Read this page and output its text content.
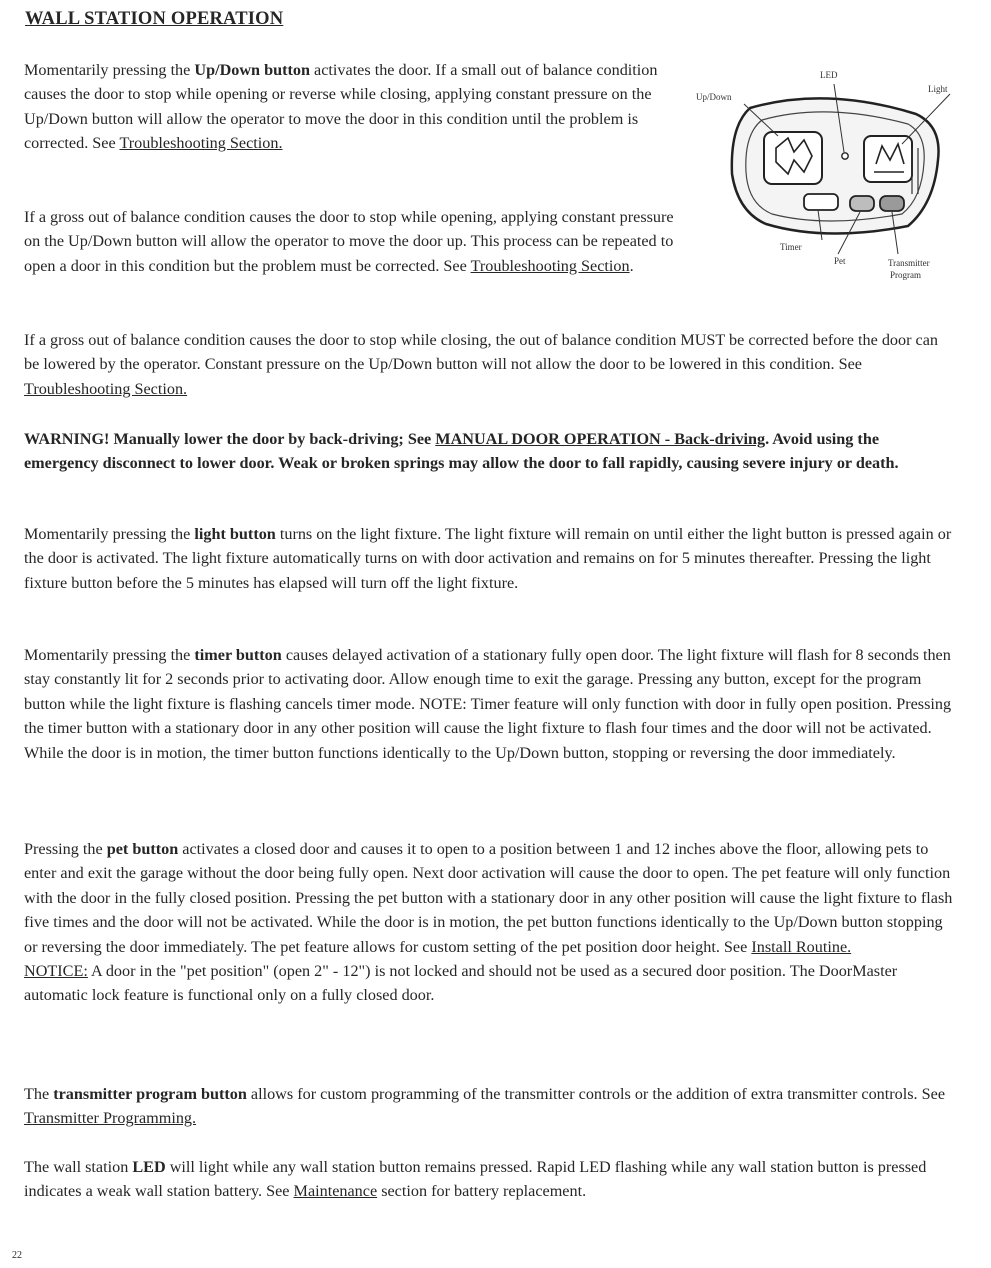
WALL STATION OPERATION

Momentarily pressing the Up/Down button activates the door. If a small out of balance condition causes the door to stop while opening or reverse while closing, applying constant pressure on the Up/Down button will allow the operator to move the door in this condition until the problem is corrected. See Troubleshooting Section.

If a gross out of balance condition causes the door to stop while opening, applying constant pressure on the Up/Down button will allow the operator to move the door up. This process can be repeated to open a door in this condition but the problem must be corrected. See Troubleshooting Section.

If a gross out of balance condition causes the door to stop while closing, the out of balance condition MUST be corrected before the door can be lowered by the operator. Constant pressure on the Up/Down button will not allow the door to be lowered in this condition. See Troubleshooting Section.

WARNING! Manually lower the door by back-driving; See MANUAL DOOR OPERATION - Back-driving. Avoid using the emergency disconnect to lower door. Weak or broken springs may allow the door to fall rapidly, causing severe injury or death.

Momentarily pressing the light button turns on the light fixture. The light fixture will remain on until either the light button is pressed again or the door is activated. The light fixture automatically turns on with door activation and remains on for 5 minutes thereafter. Pressing the light fixture button before the 5 minutes has elapsed will turn off the light fixture.

Momentarily pressing the timer button causes delayed activation of a stationary fully open door. The light fixture will flash for 8 seconds then stay constantly lit for 2 seconds prior to activating door. Allow enough time to exit the garage. Pressing any button, except for the program button while the light fixture is flashing cancels timer mode. NOTE: Timer feature will only function with door in fully open position. Pressing the timer button with a stationary door in any other position will cause the light fixture to flash four times and the door will not be activated. While the door is in motion, the timer button functions identically to the Up/Down button, stopping or reversing the door immediately.

Pressing the pet button activates a closed door and causes it to open to a position between 1 and 12 inches above the floor, allowing pets to enter and exit the garage without the door being fully open. Next door activation will cause the door to open. The pet feature will only function with the door in the fully closed position. Pressing the pet button with a stationary door in any other position will cause the light fixture to flash five times and the door will not be activated. While the door is in motion, the pet button functions identically to the Up/Down button stopping or reversing the door immediately. The pet feature allows for custom setting of the pet position door height. See Install Routine.
NOTICE: A door in the "pet position" (open 2" - 12") is not locked and should not be used as a secured door position. The DoorMaster automatic lock feature is functional only on a fully closed door.

The transmitter program button allows for custom programming of the transmitter controls or the addition of extra transmitter controls. See Transmitter Programming.

The wall station LED will light while any wall station button remains pressed. Rapid LED flashing while any wall station button is pressed indicates a weak wall station battery. See Maintenance section for battery replacement.

22
Up/Down
LED
Light
Timer
Pet	Transmitter
Program
